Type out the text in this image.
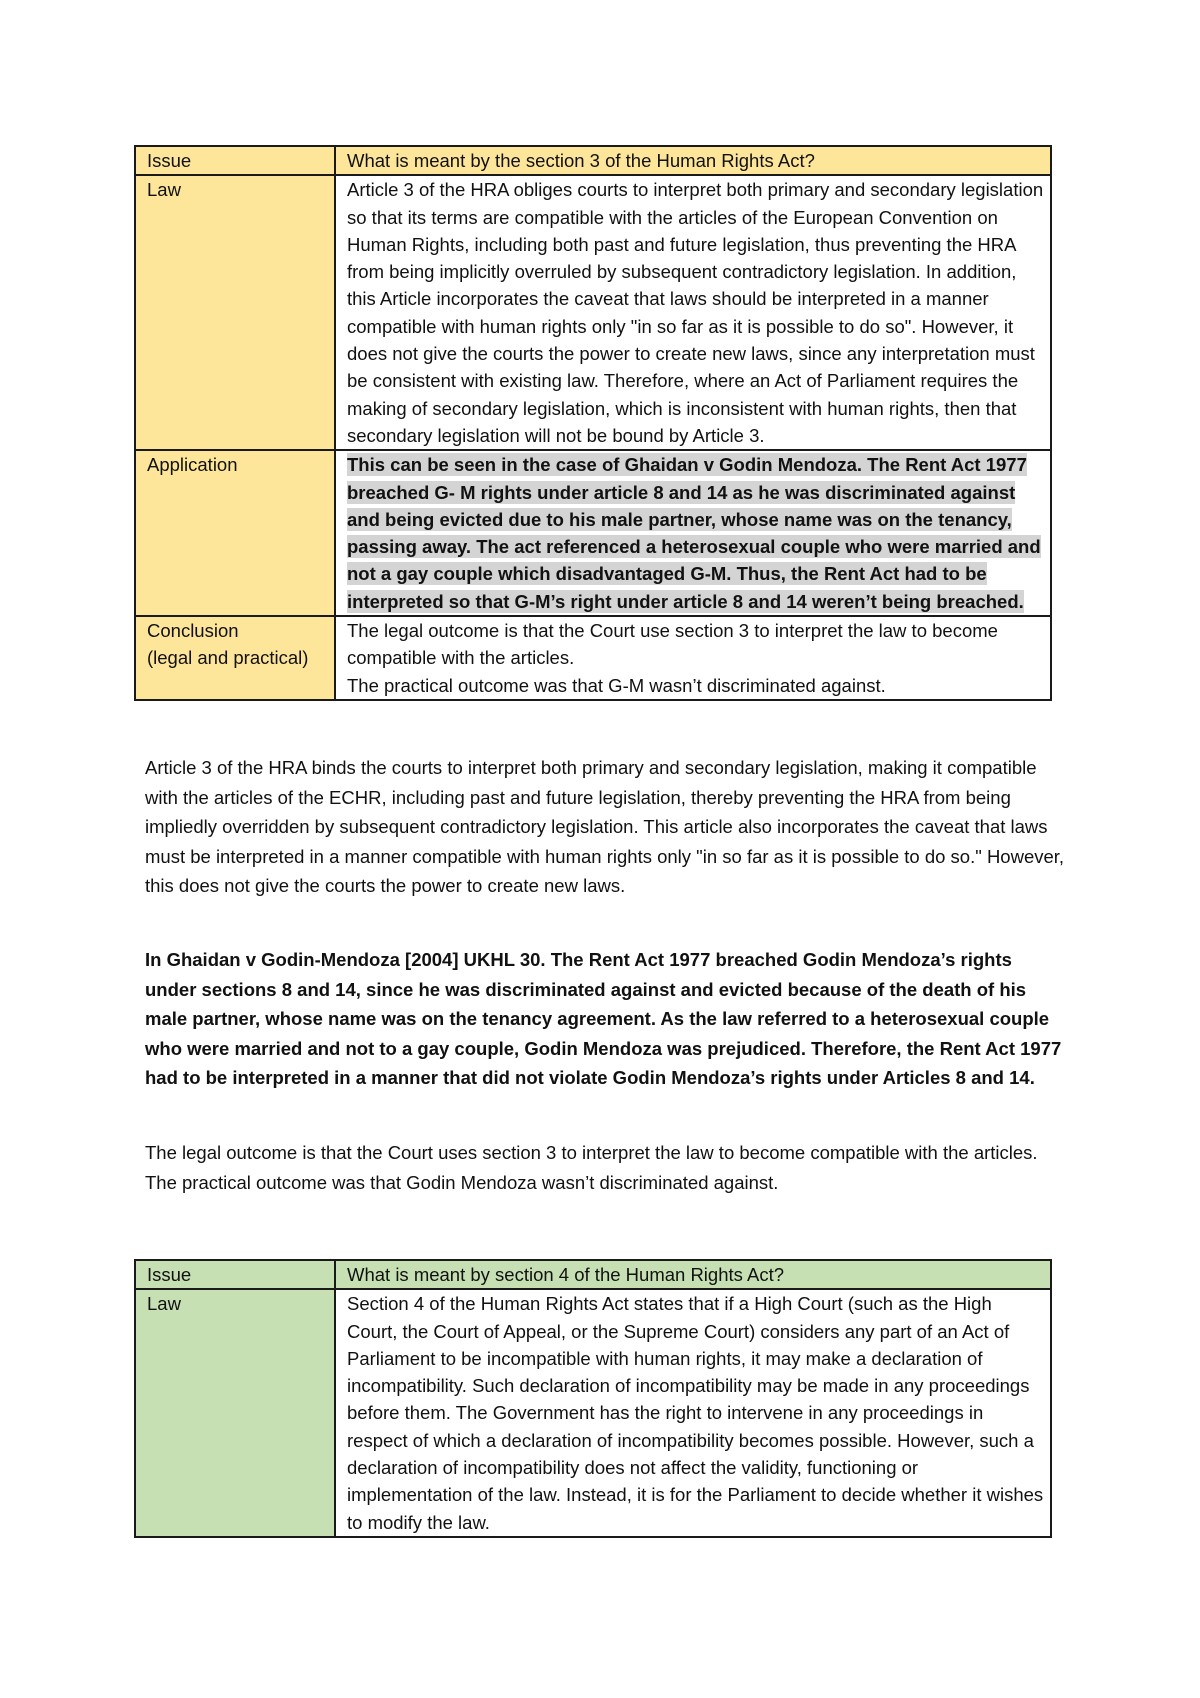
Issue	What is meant by the section 3 of the Human Rights Act?
Law	Article 3 of the HRA obliges courts to interpret both primary and secondary legislation so that its terms are compatible with the articles of the European Convention on Human Rights, including both past and future legislation, thus preventing the HRA from being implicitly overruled by subsequent contradictory legislation. In addition, this Article incorporates the caveat that laws should be interpreted in a manner compatible with human rights only "in so far as it is possible to do so". However, it does not give the courts the power to create new laws, since any interpretation must be consistent with existing law. Therefore, where an Act of Parliament requires the making of secondary legislation, which is inconsistent with human rights, then that secondary legislation will not be bound by Article 3.
Application	This can be seen in the case of Ghaidan v Godin Mendoza. The Rent Act 1977 breached G- M rights under article 8 and 14 as he was discriminated against and being evicted due to his male partner, whose name was on the tenancy, passing away. The act referenced a heterosexual couple who were married and not a gay couple which disadvantaged G-M. Thus, the Rent Act had to be interpreted so that G-M’s right under article 8 and 14 weren’t being breached.

Conclusion
(legal and practical)	The legal outcome is that the Court use section 3 to interpret the law to become compatible with the articles.
The practical outcome was that G-M wasn’t discriminated against.

Article 3 of the HRA binds the courts to interpret both primary and secondary legislation, making it compatible with the articles of the ECHR, including past and future legislation, thereby preventing the HRA from being impliedly overridden by subsequent contradictory legislation. This article also incorporates the caveat that laws must be interpreted in a manner compatible with human rights only "in so far as it is possible to do so." However, this does not give the courts the power to create new laws.

In Ghaidan v Godin-Mendoza [2004] UKHL 30. The Rent Act 1977 breached Godin Mendoza’s rights under sections 8 and 14, since he was discriminated against and evicted because of the death of his male partner, whose name was on the tenancy agreement. As the law referred to a heterosexual couple who were married and not to a gay couple, Godin Mendoza was prejudiced. Therefore, the Rent Act 1977 had to be interpreted in a manner that did not violate Godin Mendoza’s rights under Articles 8 and 14.

The legal outcome is that the Court uses section 3 to interpret the law to become compatible with the articles. The practical outcome was that Godin Mendoza wasn’t discriminated against.

Issue	What is meant by section 4 of the Human Rights Act?
Law	Section 4 of the Human Rights Act states that if a High Court (such as the High Court, the Court of Appeal, or the Supreme Court) considers any part of an Act of Parliament to be incompatible with human rights, it may make a declaration of incompatibility. Such declaration of incompatibility may be made in any proceedings before them. The Government has the right to intervene in any proceedings in respect of which a declaration of incompatibility becomes possible. However, such a declaration of incompatibility does not affect the validity, functioning or implementation of the law. Instead, it is for the Parliament to decide whether it wishes to modify the law.
